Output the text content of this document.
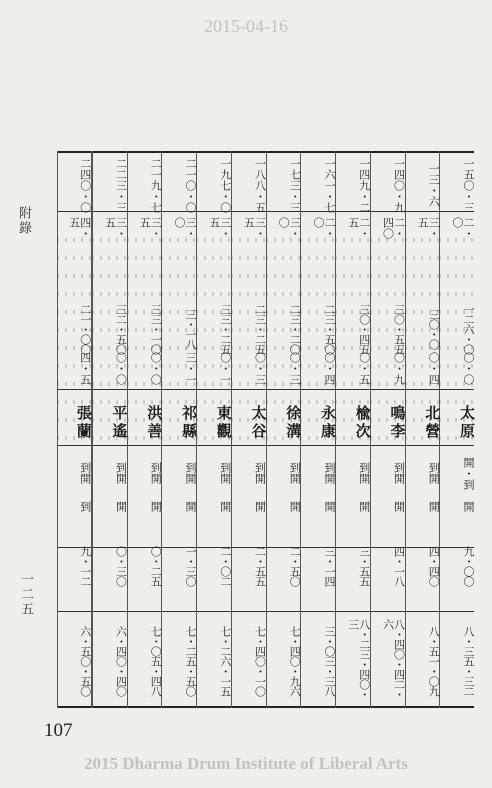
2015-04-16
附錄
一二五
一五〇・三
二・〇
一二六・〇
〇・〇
開・到
開
九・〇〇
八・三五・三二
太原
一三・六
三・五
三〇・〇
〇・四
到開
開
四・四〇
八・五一・〇九
北營
一四〇・九
二・四〇
三〇・五五
〇・九
到開
開
四・一八
八・四〇・四二・六
鳴李
一四九・二
二・五
三〇・四五
〇・五
到開
開
三・五五
八・二三・四〇・三
楡次
一六一・七
二・〇
二三・五〇
〇・四
到開
開
三・一四
三・〇三・三八
永康
一七三・三
三・〇
二三・二〇
〇・三
到開
開
二・五〇
七・四〇・九六
徐溝
一八八・五
三・五
二三・二五
〇・三
到開
開
二・五五
七・四〇・一〇
太谷
一九七・〇
三・五
三三・二五
〇・一
到開
開
二・〇二
七・二六・一五
東觀
二一〇・〇
三・〇
三・一八
三・一
到開
開
一・三〇
七・二五・五〇
祁縣
二一九・七
三・五
三三・一〇
〇・〇
到開
開
〇・二五
七・〇五・四八
洪善
二二三・三
三・五
三二・五〇
〇・〇
到開
開
〇・三〇
六・四〇・四〇
平遙
二四〇・〇
四・五
二一・〇〇
四・五
到開
到
九・一二
六・五〇・五〇
張蘭
2015 Dharma Drum Institute of Liberal Arts
107
